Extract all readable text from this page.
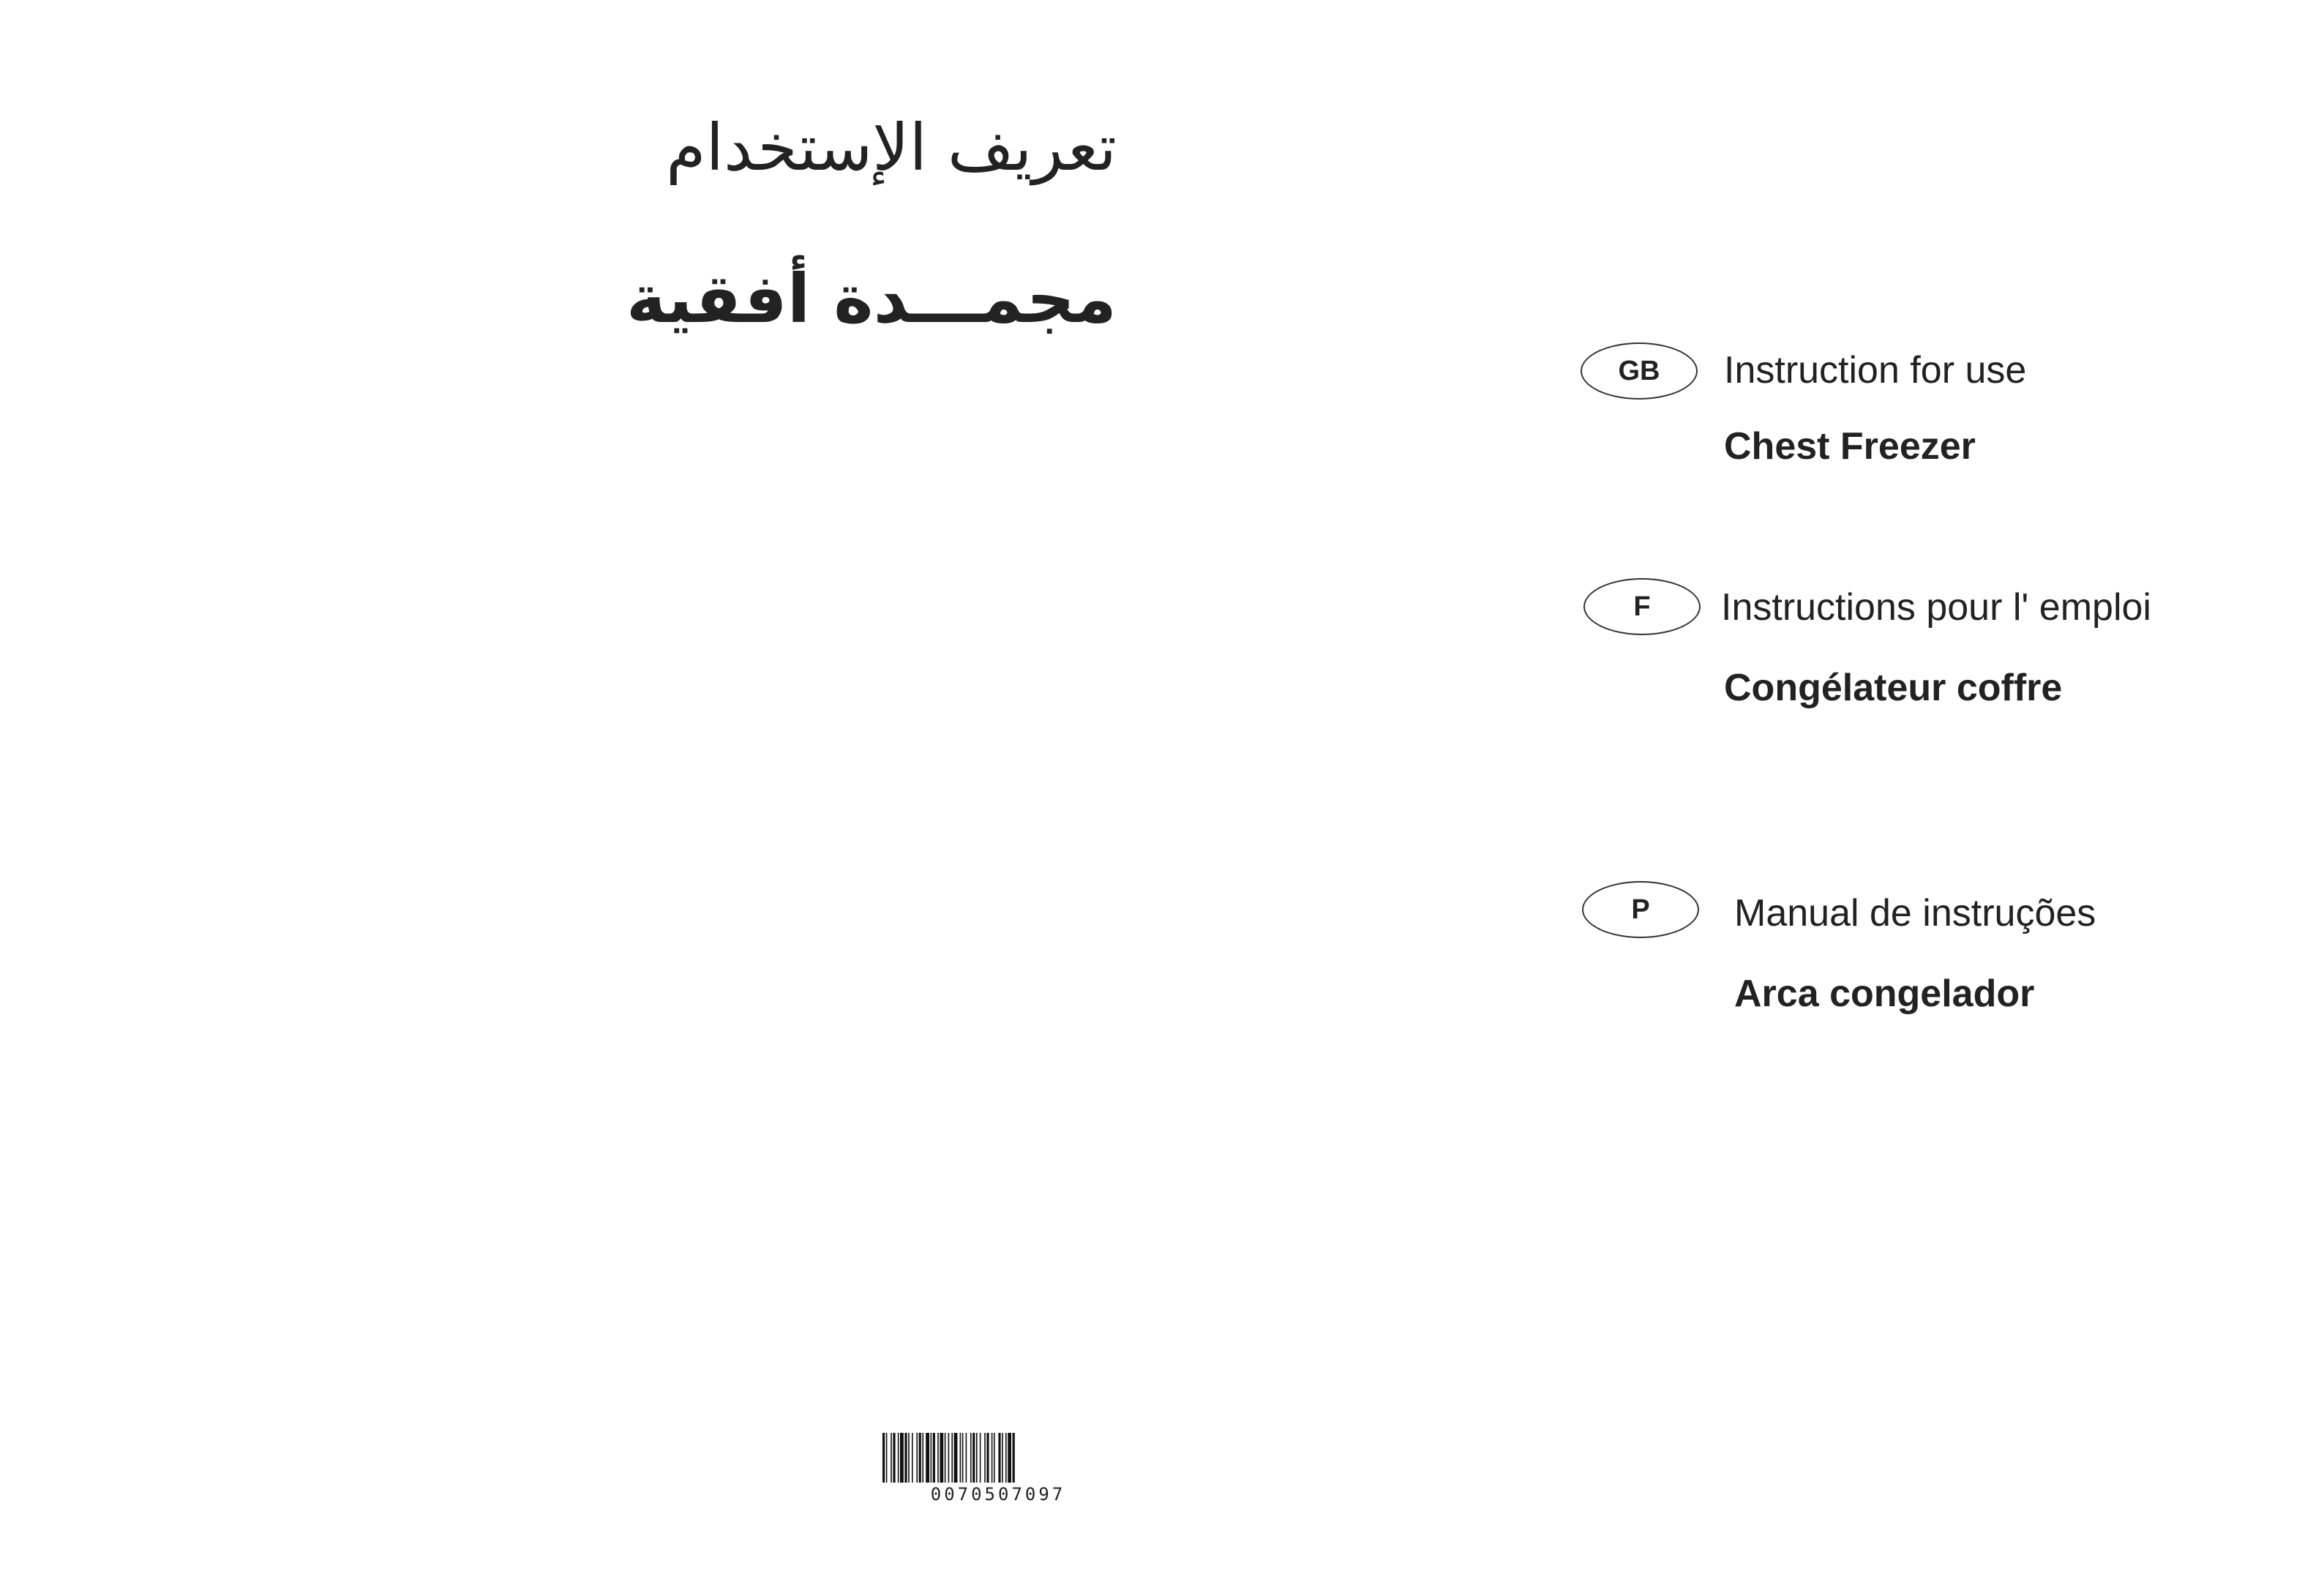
تعريف الإستخدام
مجمـــدة أفقية
GB	Instruction for use
Chest Freezer
F	Instructions pour l' emploi
Congélateur coffre
P	Manual de instruções
Arca congelador
0070507097
